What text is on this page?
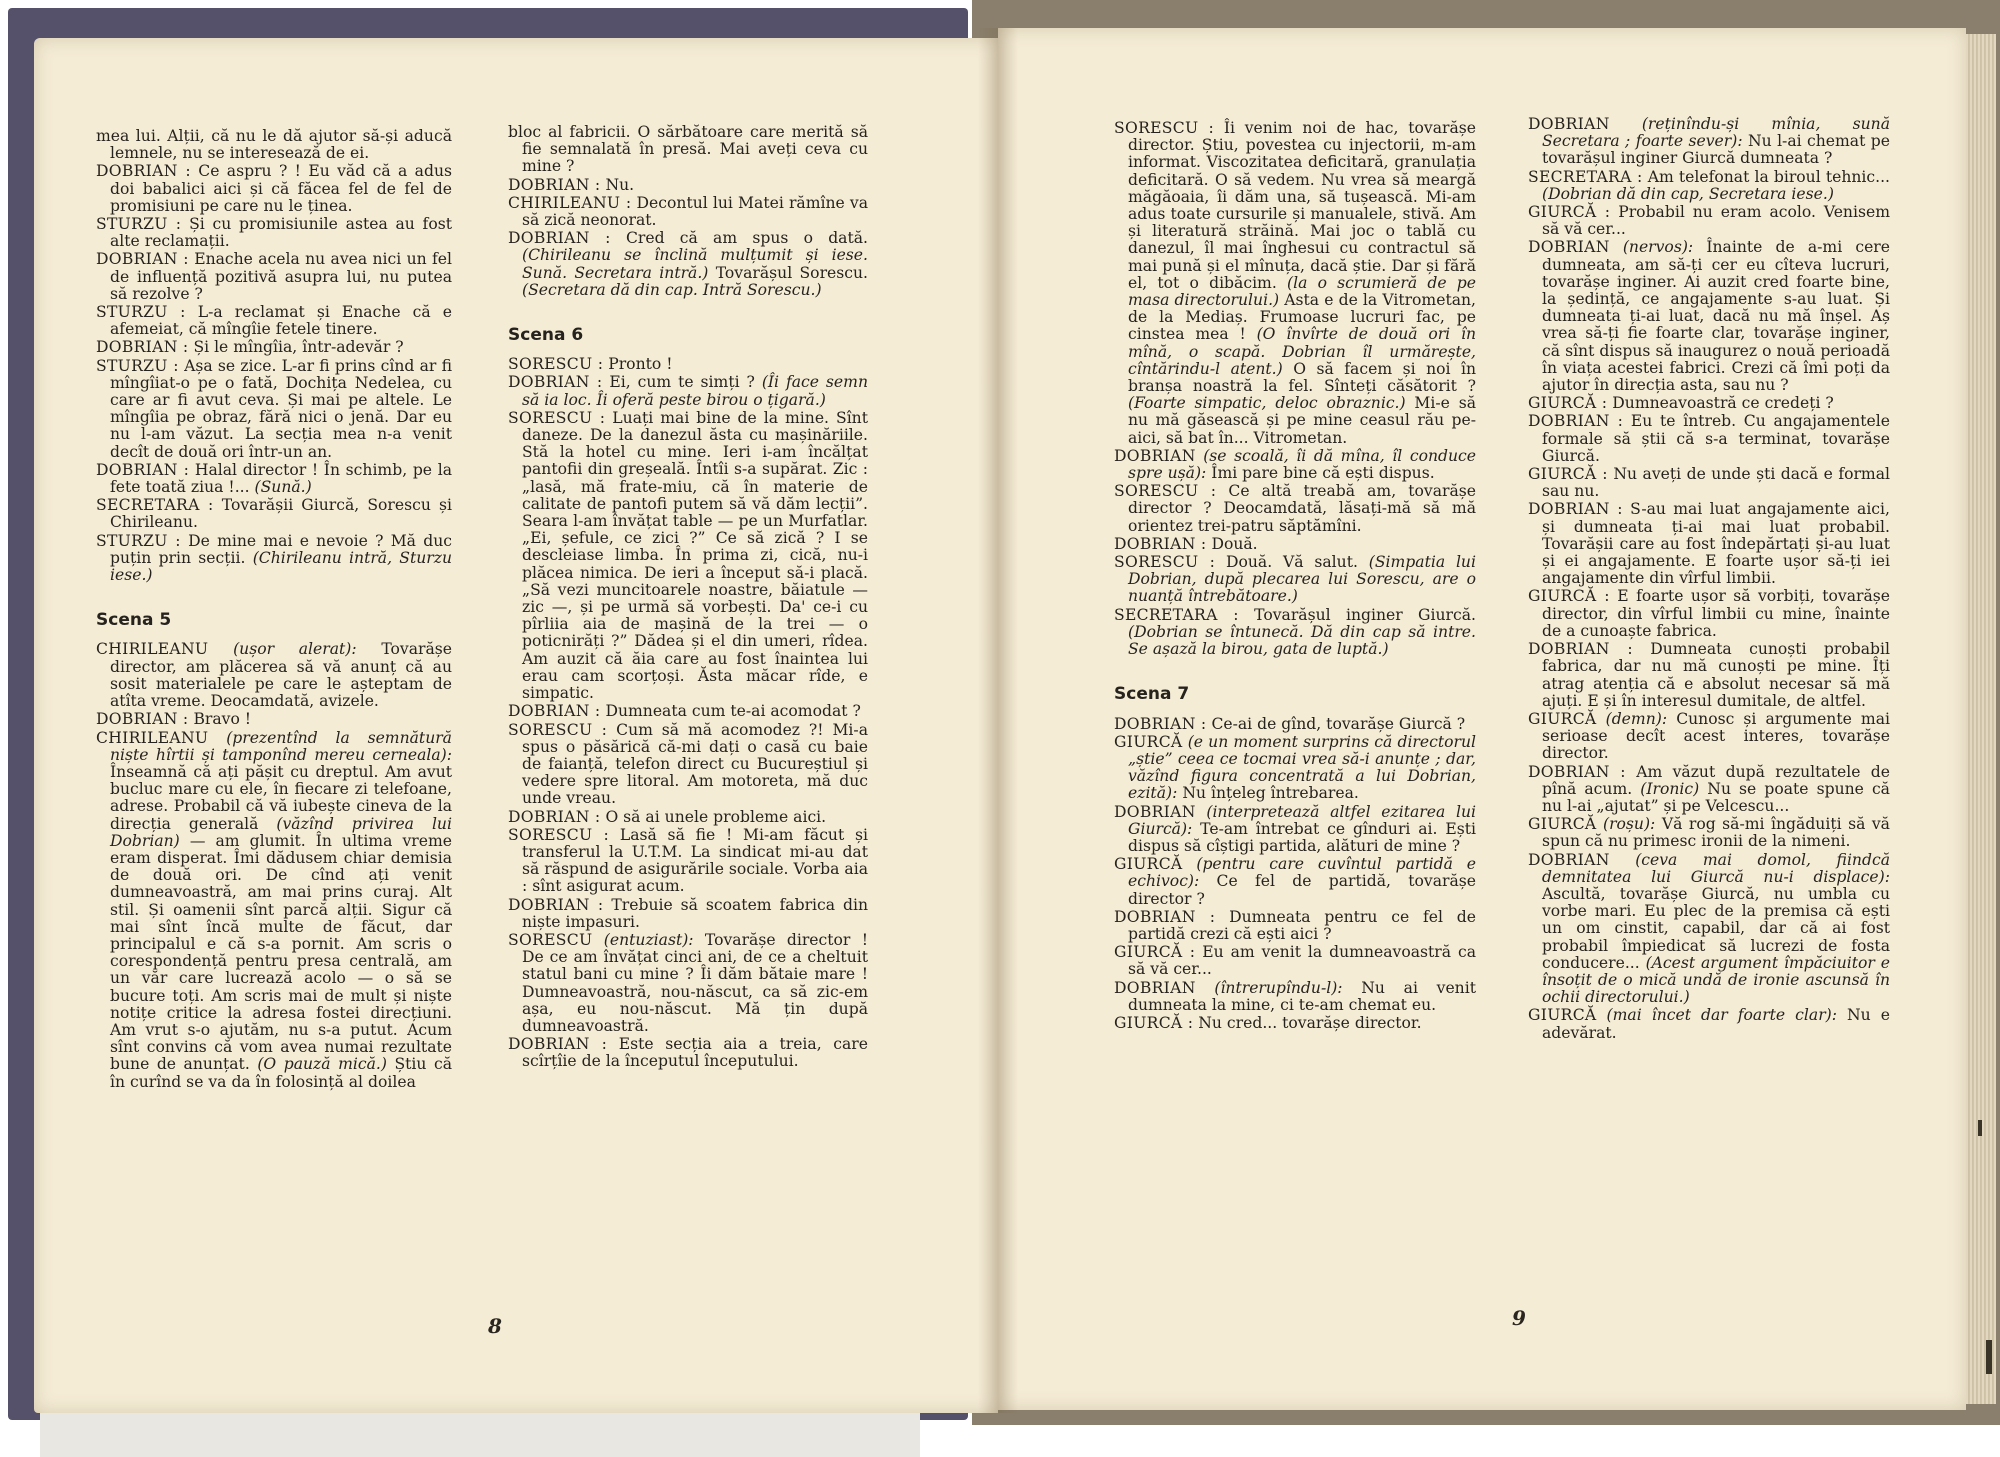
mea lui. Alții, că nu le dă ajutor să-și aducă lemnele, nu se interesează de ei.

DOBRIAN : Ce aspru ? ! Eu văd că a adus doi babalici aici și că făcea fel de fel de promisiuni pe care nu le ținea.

STURZU : Și cu promisiunile astea au fost alte reclamații.

DOBRIAN : Enache acela nu avea nici un fel de influență pozitivă asupra lui, nu putea să rezolve ?

STURZU : L-a reclamat și Enache că e afemeiat, că mîngîie fetele tinere.

DOBRIAN : Și le mîngîia, într-adevăr ?

STURZU : Așa se zice. L-ar fi prins cînd ar fi mîngîiat-o pe o fată, Dochița Nedelea, cu care ar fi avut ceva. Și mai pe altele. Le mîngîia pe obraz, fără nici o jenă. Dar eu nu l-am văzut. La secția mea n-a venit decît de două ori într-un an.

DOBRIAN : Halal director ! În schimb, pe la fete toată ziua !... (Sună.)

SECRETARA : Tovarășii Giurcă, Sorescu și Chirileanu.

STURZU : De mine mai e nevoie ? Mă duc puțin prin secții. (Chirileanu intră, Sturzu iese.)

Scena 5

CHIRILEANU (ușor alerat): Tovarășe director, am plăcerea să vă anunț că au sosit materialele pe care le așteptam de atîta vreme. Deocamdată, avizele.

DOBRIAN : Bravo !

CHIRILEANU (prezentînd la semnătură niște hîrtii și tamponînd mereu cerneala): Înseamnă că ați pășit cu dreptul. Am avut bucluc mare cu ele, în fiecare zi telefoane, adrese. Probabil că vă iubește cineva de la direcția generală (văzînd privirea lui Dobrian) — am glumit. În ultima vreme eram disperat. Îmi dădusem chiar demisia de două ori. De cînd ați venit dumneavoastră, am mai prins curaj. Alt stil. Și oamenii sînt parcă alții. Sigur că mai sînt încă multe de făcut, dar principalul e că s-a pornit. Am scris o corespondență pentru presa centrală, am un văr care lucrează acolo — o să se bucure toți. Am scris mai de mult și niște notițe critice la adresa fostei direcțiuni. Am vrut s-o ajutăm, nu s-a putut. Acum sînt convins că vom avea numai rezultate bune de anunțat. (O pauză mică.) Știu că în curînd se va da în folosință al doilea

bloc al fabricii. O sărbătoare care merită să fie semnalată în presă. Mai aveți ceva cu mine ?

DOBRIAN : Nu.

CHIRILEANU : Decontul lui Matei rămîne va să zică neonorat.

DOBRIAN : Cred că am spus o dată. (Chirileanu se înclină mulțumit și iese. Sună. Secretara intră.) Tovarășul Sorescu. (Secretara dă din cap. Intră Sorescu.)

Scena 6

SORESCU : Pronto !

DOBRIAN : Ei, cum te simți ? (Îi face semn să ia loc. Îi oferă peste birou o țigară.)

SORESCU : Luați mai bine de la mine. Sînt daneze. De la danezul ăsta cu mașinăriile. Stă la hotel cu mine. Ieri i-am încălțat pantofii din greșeală. Întîi s-a supărat. Zic : „lasă, mă frate-miu, că în materie de calitate de pantofi putem să vă dăm lecții”. Seara l-am învățat table — pe un Murfatlar. „Ei, șefule, ce zici ?” Ce să zică ? I se descleiase limba. În prima zi, cică, nu-i plăcea nimica. De ieri a început să-i placă. „Să vezi muncitoarele noastre, băiatule — zic —, și pe urmă să vorbești. Da' ce-i cu pîrliia aia de mașină de la trei — o poticnirăți ?” Dădea și el din umeri, rîdea. Am auzit că ăia care au fost înaintea lui erau cam scorțoși. Ăsta măcar rîde, e simpatic.

DOBRIAN : Dumneata cum te-ai acomodat ?

SORESCU : Cum să mă acomodez ?! Mi-a spus o păsărică că-mi dați o casă cu baie de faianță, telefon direct cu Bucureștiul și vedere spre litoral. Am motoreta, mă duc unde vreau.

DOBRIAN : O să ai unele probleme aici.

SORESCU : Lasă să fie ! Mi-am făcut și transferul la U.T.M. La sindicat mi-au dat să răspund de asigurările sociale. Vorba aia : sînt asigurat acum.

DOBRIAN : Trebuie să scoatem fabrica din niște impasuri.

SORESCU (entuziast): Tovarășe director ! De ce am învățat cinci ani, de ce a cheltuit statul bani cu mine ? Îi dăm bătaie mare ! Dumneavoastră, nou-născut, ca să zic-em așa, eu nou-născut. Mă țin după dumneavoastră.

DOBRIAN : Este secția aia a treia, care scîrțîie de la începutul începutului.

SORESCU : Îi venim noi de hac, tovarășe director. Știu, povestea cu injectorii, m-am informat. Viscozitatea deficitară, granulația deficitară. O să vedem. Nu vrea să meargă măgăoaia, îi dăm una, să tușească. Mi-am adus toate cursurile și manualele, stivă. Am și literatură străină. Mai joc o tablă cu danezul, îl mai înghesui cu contractul să mai pună și el mînuța, dacă știe. Dar și fără el, tot o dibăcim. (la o scrumieră de pe masa directorului.) Asta e de la Vitrometan, de la Mediaș. Frumoase lucruri fac, pe cinstea mea ! (O învîrte de două ori în mînă, o scapă. Dobrian îl urmărește, cîntărindu-l atent.) O să facem și noi în branșa noastră la fel. Sînteți căsătorit ? (Foarte simpatic, deloc obraznic.) Mi-e să nu mă găsească și pe mine ceasul rău pe-aici, să bat în... Vitrometan.

DOBRIAN (se scoală, îi dă mîna, îl conduce spre ușă): Îmi pare bine că ești dispus.

SORESCU : Ce altă treabă am, tovarășe director ? Deocamdată, lăsați-mă să mă orientez trei-patru săptămîni.

DOBRIAN : Două.

SORESCU : Două. Vă salut. (Simpatia lui Dobrian, după plecarea lui Sorescu, are o nuanță întrebătoare.)

SECRETARA : Tovarășul inginer Giurcă. (Dobrian se întunecă. Dă din cap să intre. Se așază la birou, gata de luptă.)

Scena 7

DOBRIAN : Ce-ai de gînd, tovarășe Giurcă ?

GIURCĂ (e un moment surprins că directorul „știe” ceea ce tocmai vrea să-i anunțe ; dar, văzînd figura concentrată a lui Dobrian, ezită): Nu înțeleg întrebarea.

DOBRIAN (interpretează altfel ezitarea lui Giurcă): Te-am întrebat ce gînduri ai. Ești dispus să cîștigi partida, alături de mine ?

GIURCĂ (pentru care cuvîntul partidă e echivoc): Ce fel de partidă, tovarășe director ?

DOBRIAN : Dumneata pentru ce fel de partidă crezi că ești aici ?

GIURCĂ : Eu am venit la dumneavoastră ca să vă cer...

DOBRIAN (întrerupîndu-l): Nu ai venit dumneata la mine, ci te-am chemat eu.

GIURCĂ : Nu cred... tovarășe director.

DOBRIAN (reținîndu-și mînia, sună Secretara ; foarte sever): Nu l-ai chemat pe tovarășul inginer Giurcă dumneata ?

SECRETARA : Am telefonat la biroul tehnic... (Dobrian dă din cap, Secretara iese.)

GIURCĂ : Probabil nu eram acolo. Venisem să vă cer...

DOBRIAN (nervos): Înainte de a-mi cere dumneata, am să-ți cer eu cîteva lucruri, tovarășe inginer. Ai auzit cred foarte bine, la ședință, ce angajamente s-au luat. Și dumneata ți-ai luat, dacă nu mă înșel. Aș vrea să-ți fie foarte clar, tovarășe inginer, că sînt dispus să inaugurez o nouă perioadă în viața acestei fabrici. Crezi că îmi poți da ajutor în direcția asta, sau nu ?

GIURCĂ : Dumneavoastră ce credeți ?

DOBRIAN : Eu te întreb. Cu angajamentele formale să știi că s-a terminat, tovarășe Giurcă.

GIURCĂ : Nu aveți de unde ști dacă e formal sau nu.

DOBRIAN : S-au mai luat angajamente aici, și dumneata ți-ai mai luat probabil. Tovarășii care au fost îndepărtați și-au luat și ei angajamente. E foarte ușor să-ți iei angajamente din vîrful limbii.

GIURCĂ : E foarte ușor să vorbiți, tovarășe director, din vîrful limbii cu mine, înainte de a cunoaște fabrica.

DOBRIAN : Dumneata cunoști probabil fabrica, dar nu mă cunoști pe mine. Îți atrag atenția că e absolut necesar să mă ajuți. E și în interesul dumitale, de altfel.

GIURCĂ (demn): Cunosc și argumente mai serioase decît acest interes, tovarășe director.

DOBRIAN : Am văzut după rezultatele de pînă acum. (Ironic) Nu se poate spune că nu l-ai „ajutat” și pe Velcescu...

GIURCĂ (roșu): Vă rog să-mi îngăduiți să vă spun că nu primesc ironii de la nimeni.

DOBRIAN (ceva mai domol, fiindcă demnitatea lui Giurcă nu-i displace): Ascultă, tovarășe Giurcă, nu umbla cu vorbe mari. Eu plec de la premisa că ești un om cinstit, capabil, dar că ai fost probabil împiedicat să lucrezi de fosta conducere... (Acest argument împăciuitor e însoțit de o mică undă de ironie ascunsă în ochii directorului.)

GIURCĂ (mai încet dar foarte clar): Nu e adevărat.

8	9
